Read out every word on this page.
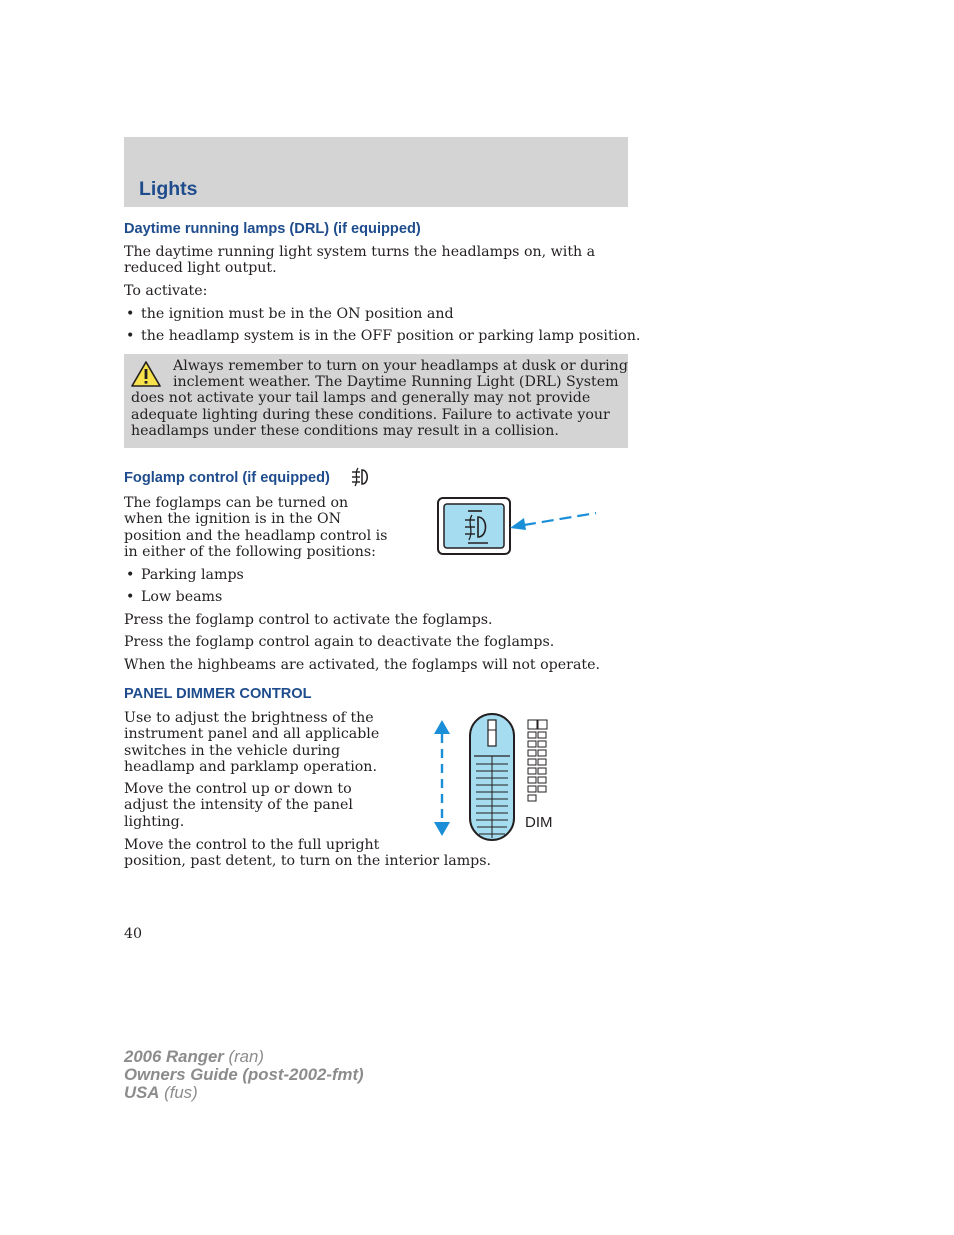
Lights
Daytime running lamps (DRL) (if equipped)
The daytime running light system turns the headlamps on, with a
reduced light output.
To activate:
• the ignition must be in the ON position and
• the headlamp system is in the OFF position or parking lamp position.
Always remember to turn on your headlamps at dusk or during
inclement weather. The Daytime Running Light (DRL) System
does not activate your tail lamps and generally may not provide
adequate lighting during these conditions. Failure to activate your
headlamps under these conditions may result in a collision.
Foglamp control (if equipped)
The foglamps can be turned on
when the ignition is in the ON
position and the headlamp control is
in either of the following positions:
• Parking lamps
• Low beams
Press the foglamp control to activate the foglamps.
Press the foglamp control again to deactivate the foglamps.
When the highbeams are activated, the foglamps will not operate.
PANEL DIMMER CONTROL
Use to adjust the brightness of the
instrument panel and all applicable
switches in the vehicle during
headlamp and parklamp operation.
Move the control up or down to
adjust the intensity of the panel
lighting.
Move the control to the full upright
position, past detent, to turn on the interior lamps.
DIM
40
2006 Ranger (ran)
Owners Guide (post-2002-fmt)
USA (fus)
